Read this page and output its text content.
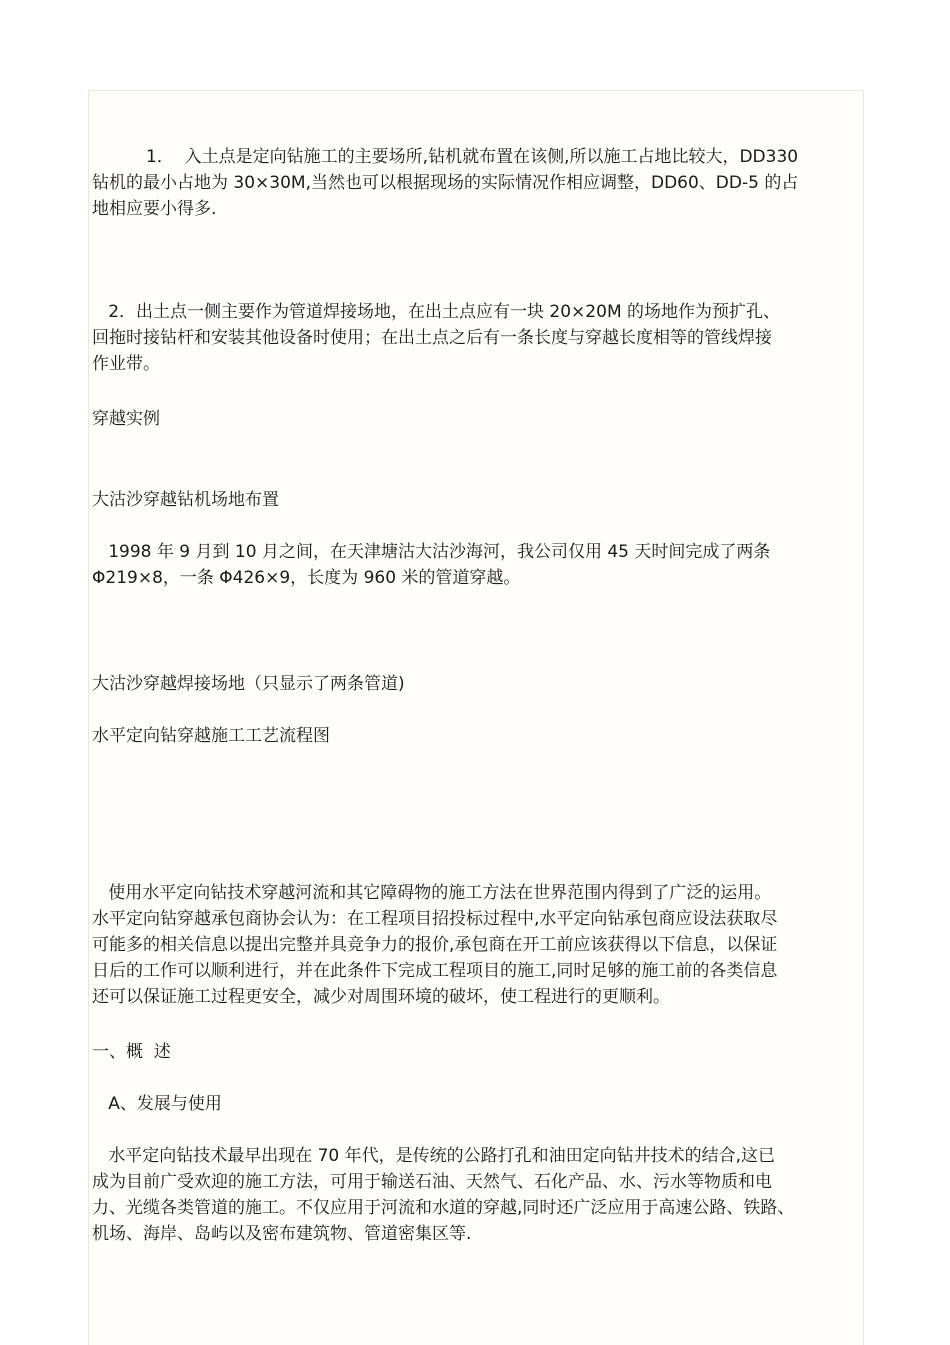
1．  入土点是定向钻施工的主要场所,钻机就布置在该侧,所以施工占地比较大，DD330
钻机的最小占地为 30×30M,当然也可以根据现场的实际情况作相应调整，DD60、DD-5 的占
地相应要小得多.
2．出土点一侧主要作为管道焊接场地，在出土点应有一块 20×20M 的场地作为预扩孔、
回拖时接钻杆和安装其他设备时使用；在出土点之后有一条长度与穿越长度相等的管线焊接
作业带。
穿越实例
大沽沙穿越钻机场地布置
1998 年 9 月到 10 月之间，在天津塘沽大沽沙海河，我公司仅用 45 天时间完成了两条
Φ219×8，一条 Φ426×9，长度为 960 米的管道穿越。
大沽沙穿越焊接场地（只显示了两条管道)
水平定向钻穿越施工工艺流程图
使用水平定向钻技术穿越河流和其它障碍物的施工方法在世界范围内得到了广泛的运用。
水平定向钻穿越承包商协会认为：在工程项目招投标过程中,水平定向钻承包商应设法获取尽
可能多的相关信息以提出完整并具竞争力的报价,承包商在开工前应该获得以下信息，以保证
日后的工作可以顺利进行，并在此条件下完成工程项目的施工,同时足够的施工前的各类信息
还可以保证施工过程更安全，减少对周围环境的破坏，使工程进行的更顺利。
一、概  述
A、发展与使用
水平定向钻技术最早出现在 70 年代，是传统的公路打孔和油田定向钻井技术的结合,这已
成为目前广受欢迎的施工方法，可用于输送石油、天然气、石化产品、水、污水等物质和电
力、光缆各类管道的施工。不仅应用于河流和水道的穿越,同时还广泛应用于高速公路、铁路、
机场、海岸、岛屿以及密布建筑物、管道密集区等.
